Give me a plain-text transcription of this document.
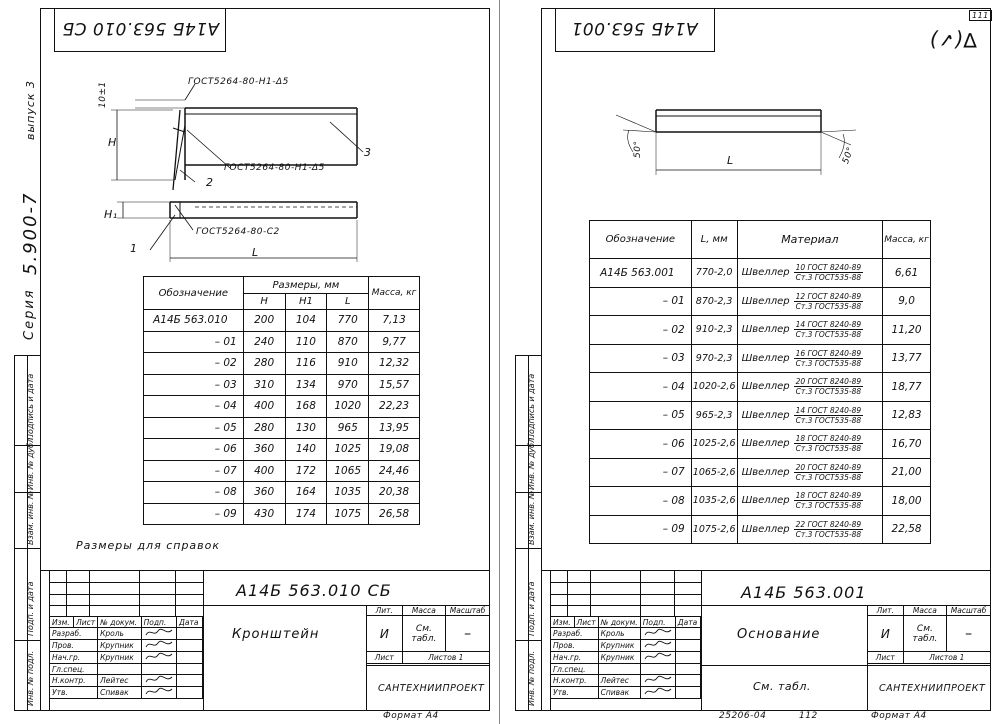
Подпись и дата
Инв. № дубл.
Взам. инв. №
Подп. и дата
Инв. № подл.
Серия
5.900-7
выпуск 3
А14Б 563.010 СБ
ГОСТ5264-80-Н1-Δ5
ГОСТ5264-80-Н1-Δ5
ГОСТ5264-80-С2
10±1
Н
Н₁
L
1
2
3
Обозначение	Размеры, мм			Масса, кг
	Н	Н1	L	
А14Б 563.010	200	104	770	7,13
– 01	240	110	870	9,77
– 02	280	116	910	12,32
– 03	310	134	970	15,57
– 04	400	168	1020	22,23
– 05	280	130	965	13,95
– 06	360	140	1025	19,08
– 07	400	172	1065	24,46
– 08	360	164	1035	20,38
– 09	430	174	1075	26,58
Размеры для справок
А14Б 563.010 СБ
Кронштейн
Лит.	Масса	Масштаб
И	См. табл.	–
Лист	Листов 1	
САНТЕХНИИПРОЕКТ
Изм.	Лист	№ докум.	Подп.	Дата
Разраб.		Кроль		
Пров.		Крупник		
Нач.гр.		Крупник		
Гл.спец.				
Н.контр.		Лейтес		
Утв.		Спивак		
Формат А4
111
Подпись и дата
Инв. № дубл.
Взам. инв. №
Подп. и дата
Инв. № подл.
А14Б 563.001	∇(✓)
50°	50°
L
Обозначение	L, мм	Материал	Масса, кг
А14Б 563.001	770-2,0	Швеллер $\frac{\text{10 ГОСТ 8240-89}}{\text{Ст.3 ГОСТ535-88}}$	6,61
– 01	870-2,3	Швеллер $\frac{\text{12 ГОСТ 8240-89}}{\text{Ст.3 ГОСТ535-88}}$	9,0
– 02	910-2,3	Швеллер $\frac{\text{14 ГОСТ 8240-89}}{\text{Ст.3 ГОСТ535-88}}$	11,20
– 03	970-2,3	Швеллер $\frac{\text{16 ГОСТ 8240-89}}{\text{Ст.3 ГОСТ535-88}}$	13,77
– 04	1020-2,6	Швеллер $\frac{\text{20 ГОСТ 8240-89}}{\text{Ст.3 ГОСТ535-88}}$	18,77
– 05	965-2,3	Швеллер $\frac{\text{14 ГОСТ 8240-89}}{\text{Ст.3 ГОСТ535-88}}$	12,83
– 06	1025-2,6	Швеллер $\frac{\text{18 ГОСТ 8240-89}}{\text{Ст.3 ГОСТ535-88}}$	16,70
– 07	1065-2,6	Швеллер $\frac{\text{20 ГОСТ 8240-89}}{\text{Ст.3 ГОСТ535-88}}$	21,00
– 08	1035-2,6	Швеллер $\frac{\text{18 ГОСТ 8240-89}}{\text{Ст.3 ГОСТ535-88}}$	18,00
– 09	1075-2,6	Швеллер $\frac{\text{22 ГОСТ 8240-89}}{\text{Ст.3 ГОСТ535-88}}$	22,58
А14Б 563.001
Основание
См. табл.
Лит.	Масса	Масштаб
И	См. табл.	–
Лист	Листов 1	
САНТЕХНИИПРОЕКТ
Изм.	Лист	№ докум.	Подп.	Дата
Разраб.		Кроль		
Пров.		Крупник		
Нач.гр.		Крупник		
Гл.спец.				
Н.контр.		Лейтес		
Утв.		Спивак		
25206-04	112	Формат А4
